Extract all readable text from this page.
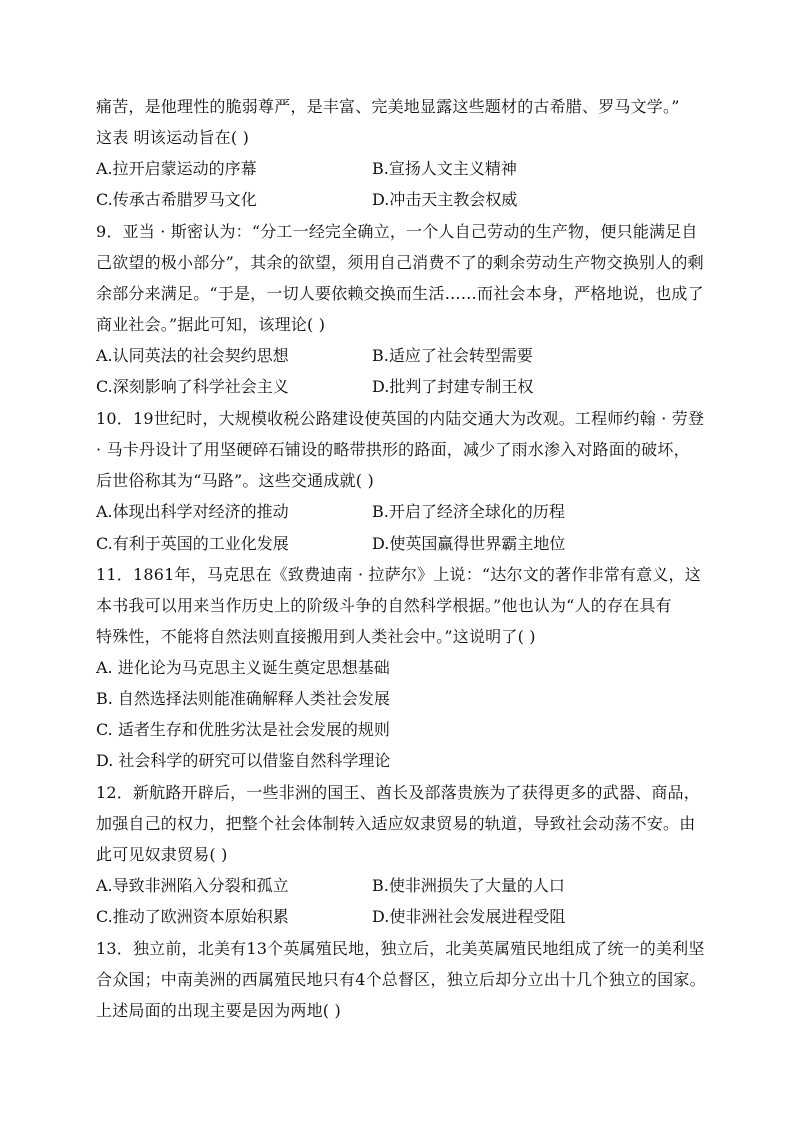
痛苦，是他理性的脆弱尊严，是丰富、完美地显露这些题材的古希腊、罗马文学。”
这表 明该运动旨在( )
A.拉开启蒙运动的序幕	B.宣扬人文主义精神
C.传承古希腊罗马文化	D.冲击天主教会权威
9．亚当 · 斯密认为：“分工一经完全确立，一个人自己劳动的生产物，便只能满足自
己欲望的极小部分”，其余的欲望，须用自己消费不了的剩余劳动生产物交换别人的剩
余部分来满足。“于是，一切人要依赖交换而生活……而社会本身，严格地说，也成了
商业社会。”据此可知，该理论( )
A.认同英法的社会契约思想	B.适应了社会转型需要
C.深刻影响了科学社会主义	D.批判了封建专制王权
10．19世纪时，大规模收税公路建设使英国的内陆交通大为改观。工程师约翰 · 劳登
· 马卡丹设计了用坚硬碎石铺设的略带拱形的路面，减少了雨水渗入对路面的破坏，
后世俗称其为“马路”。这些交通成就( )
A.体现出科学对经济的推动	B.开启了经济全球化的历程
C.有利于英国的工业化发展	D.使英国赢得世界霸主地位
11．1861年，马克思在《致费迪南 · 拉萨尔》上说：“达尔文的著作非常有意义，这
本书我可以用来当作历史上的阶级斗争的自然科学根据。”他也认为“人的存在具有
特殊性，不能将自然法则直接搬用到人类社会中。”这说明了( )
A. 进化论为马克思主义诞生奠定思想基础
B. 自然选择法则能准确解释人类社会发展
C. 适者生存和优胜劣汰是社会发展的规则
D. 社会科学的研究可以借鉴自然科学理论
12．新航路开辟后，一些非洲的国王、酋长及部落贵族为了获得更多的武器、商品，
加强自己的权力，把整个社会体制转入适应奴隶贸易的轨道，导致社会动荡不安。由
此可见奴隶贸易( )
A.导致非洲陷入分裂和孤立	B.使非洲损失了大量的人口
C.推动了欧洲资本原始积累	D.使非洲社会发展进程受阻
13．独立前，北美有13个英属殖民地，独立后，北美英属殖民地组成了统一的美利坚
合众国；中南美洲的西属殖民地只有4个总督区，独立后却分立出十几个独立的国家。
上述局面的出现主要是因为两地( )
